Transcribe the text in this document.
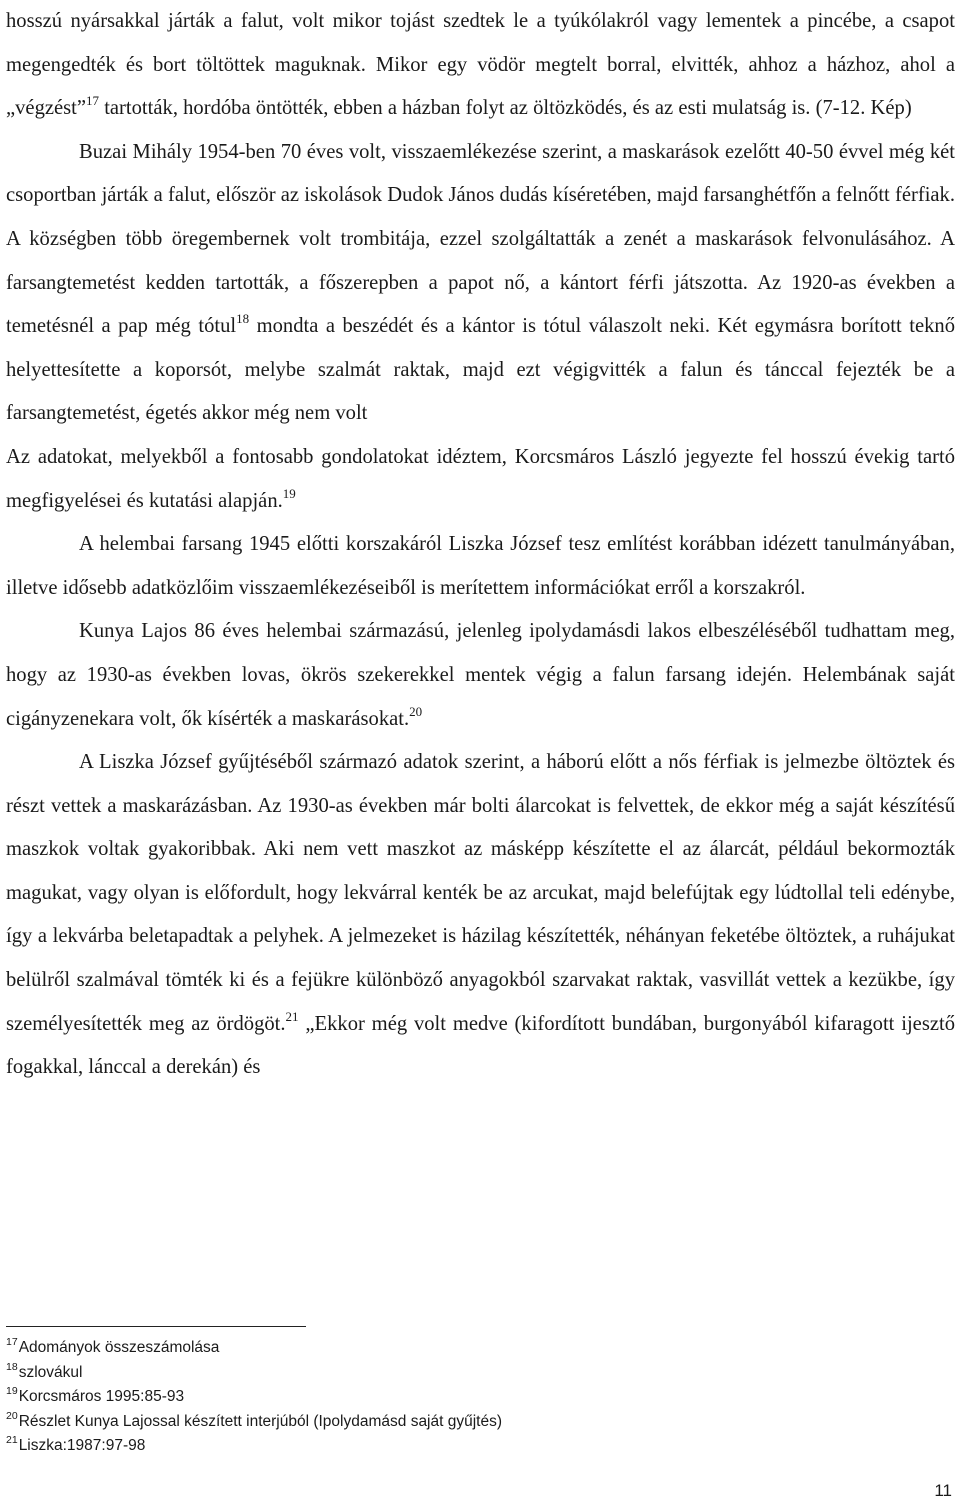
hosszú nyársakkal járták a falut, volt mikor tojást szedtek le a tyúkólakról vagy lementek a pincébe, a csapot megengedték és bort töltöttek maguknak. Mikor egy vödör megtelt borral, elvitték, ahhoz a házhoz, ahol a „végzést”$^{17}$ tartották, hordóba öntötték, ebben a házban folyt az öltözködés, és az esti mulatság is. (7-12. Kép)

Buzai Mihály 1954-ben 70 éves volt, visszaemlékezése szerint, a maskarások ezelőtt 40-50 évvel még két csoportban járták a falut, először az iskolások Dudok János dudás kíséretében, majd farsanghétfőn a felnőtt férfiak. A községben több öregembernek volt trombitája, ezzel szolgáltatták a zenét a maskarások felvonulásához. A farsangtemetést kedden tartották, a főszerepben a papot nő, a kántort férfi játszotta. Az 1920-as években a temetésnél a pap még tótul$^{18}$ mondta a beszédét és a kántor is tótul válaszolt neki. Két egymásra borított teknő helyettesítette a koporsót, melybe szalmát raktak, majd ezt végigvitték a falun és tánccal fejezték be a farsangtemetést, égetés akkor még nem volt

Az adatokat, melyekből a fontosabb gondolatokat idéztem, Korcsmáros László jegyezte fel hosszú évekig tartó megfigyelései és kutatási alapján.$^{19}$

A helembai farsang 1945 előtti korszakáról Liszka József tesz említést korábban idézett tanulmányában, illetve idősebb adatközlőim visszaemlékezéseiből is merítettem információkat erről a korszakról.

Kunya Lajos 86 éves helembai származású, jelenleg ipolydamásdi lakos elbeszéléséből tudhattam meg, hogy az 1930-as években lovas, ökrös szekerekkel mentek végig a falun farsang idején. Helembának saját cigányzenekara volt, ők kísérték a maskarásokat.$^{20}$

A Liszka József gyűjtéséből származó adatok szerint, a háború előtt a nős férfiak is jelmezbe öltöztek és részt vettek a maskarázásban. Az 1930-as években már bolti álarcokat is felvettek, de ekkor még a saját készítésű maszkok voltak gyakoribbak. Aki nem vett maszkot az másképp készítette el az álarcát, például bekormozták magukat, vagy olyan is előfordult, hogy lekvárral kenték be az arcukat, majd belefújtak egy lúdtollal teli edénybe, így a lekvárba beletapadtak a pelyhek. A jelmezeket is házilag készítették, néhányan feketébe öltöztek, a ruhájukat belülről szalmával tömték ki és a fejükre különböző anyagokból szarvakat raktak, vasvillát vettek a kezükbe, így személyesítették meg az ördögöt.$^{21}$ „Ekkor még volt medve (kifordított bundában, burgonyából kifaragott ijesztő fogakkal, lánccal a derekán) és

$^{17}$Adományok összeszámolása
$^{18}$szlovákul
$^{19}$Korcsmáros 1995:85-93
$^{20}$Részlet Kunya Lajossal készített interjúból (Ipolydamásd saját gyűjtés)
$^{21}$Liszka:1987:97-98
11
